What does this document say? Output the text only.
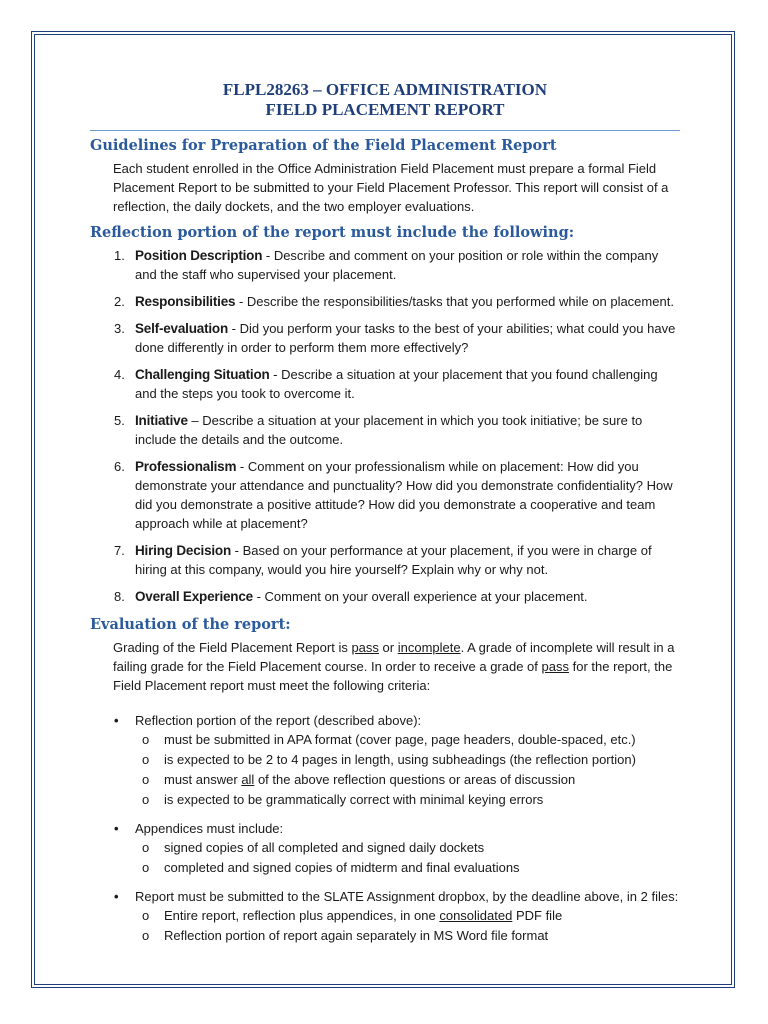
FLPL28263 – OFFICE ADMINISTRATION

FIELD PLACEMENT REPORT

Guidelines for Preparation of the Field Placement Report

Each student enrolled in the Office Administration Field Placement must prepare a formal Field Placement Report to be submitted to your Field Placement Professor. This report will consist of a reflection, the daily dockets, and the two employer evaluations.

Reflection portion of the report must include the following:
1. Position Description - Describe and comment on your position or role within the company and the staff who supervised your placement.
2. Responsibilities - Describe the responsibilities/tasks that you performed while on placement.
3. Self-evaluation - Did you perform your tasks to the best of your abilities; what could you have done differently in order to perform them more effectively?
4. Challenging Situation - Describe a situation at your placement that you found challenging and the steps you took to overcome it.
5. Initiative – Describe a situation at your placement in which you took initiative; be sure to include the details and the outcome.
6. Professionalism - Comment on your professionalism while on placement: How did you demonstrate your attendance and punctuality? How did you demonstrate confidentiality? How did you demonstrate a positive attitude? How did you demonstrate a cooperative and team approach while at placement?
7. Hiring Decision - Based on your performance at your placement, if you were in charge of hiring at this company, would you hire yourself? Explain why or why not.
8. Overall Experience - Comment on your overall experience at your placement.
Evaluation of the report:

Grading of the Field Placement Report is pass or incomplete. A grade of incomplete will result in a failing grade for the Field Placement course. In order to receive a grade of pass for the report, the Field Placement report must meet the following criteria:

• Reflection portion of the report (described above):
o must be submitted in APA format (cover page, page headers, double-spaced, etc.)
o is expected to be 2 to 4 pages in length, using subheadings (the reflection portion)
o must answer all of the above reflection questions or areas of discussion
o is expected to be grammatically correct with minimal keying errors
• Appendices must include:
o signed copies of all completed and signed daily dockets
o completed and signed copies of midterm and final evaluations
• Report must be submitted to the SLATE Assignment dropbox, by the deadline above, in 2 files:
o Entire report, reflection plus appendices, in one consolidated PDF file
o Reflection portion of report again separately in MS Word file format
